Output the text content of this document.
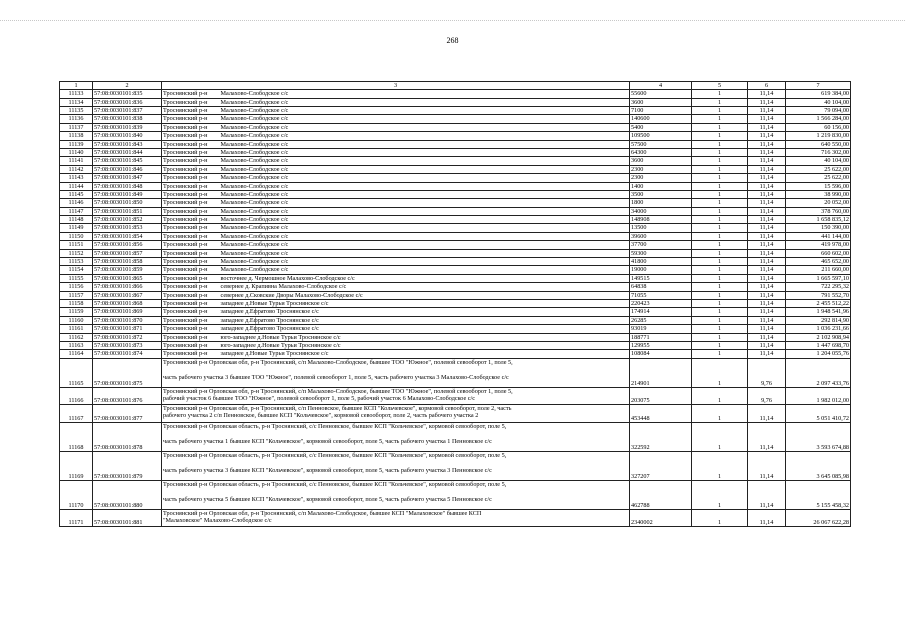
268
1	2	3	4	5	6	7
11133	57:08:0030101:835	Троснянский р-н Малахово-Слободское с/с	55600	1	11,14	619 384,00
11134	57:08:0030101:836	Троснянский р-н Малахово-Слободское с/с	3600	1	11,14	40 104,00
11135	57:08:0030101:837	Троснянский р-н Малахово-Слободское с/с	7100	1	11,14	79 094,00
11136	57:08:0030101:838	Троснянский р-н Малахово-Слободское с/с	140600	1	11,14	1 566 284,00
11137	57:08:0030101:839	Троснянский р-н Малахово-Слободское с/с	5400	1	11,14	60 156,00
11138	57:08:0030101:840	Троснянский р-н Малахово-Слободское с/с	109500	1	11,14	1 219 830,00
11139	57:08:0030101:843	Троснянский р-н Малахово-Слободское с/с	57500	1	11,14	640 550,00
11140	57:08:0030101:844	Троснянский р-н Малахово-Слободское с/с	64300	1	11,14	716 302,00
11141	57:08:0030101:845	Троснянский р-н Малахово-Слободское с/с	3600	1	11,14	40 104,00
11142	57:08:0030101:846	Троснянский р-н Малахово-Слободское с/с	2300	1	11,14	25 622,00
11143	57:08:0030101:847	Троснянский р-н Малахово-Слободское с/с	2300	1	11,14	25 622,00
11144	57:08:0030101:848	Троснянский р-н Малахово-Слободское с/с	1400	1	11,14	15 596,00
11145	57:08:0030101:849	Троснянский р-н Малахово-Слободское с/с	3500	1	11,14	38 990,00
11146	57:08:0030101:850	Троснянский р-н Малахово-Слободское с/с	1800	1	11,14	20 052,00
11147	57:08:0030101:851	Троснянский р-н Малахово-Слободское с/с	34000	1	11,14	378 760,00
11148	57:08:0030101:852	Троснянский р-н Малахово-Слободское с/с	148908	1	11,14	1 658 835,12
11149	57:08:0030101:853	Троснянский р-н Малахово-Слободское с/с	13500	1	11,14	150 390,00
11150	57:08:0030101:854	Троснянский р-н Малахово-Слободское с/с	39600	1	11,14	441 144,00
11151	57:08:0030101:856	Троснянский р-н Малахово-Слободское с/с	37700	1	11,14	419 978,00
11152	57:08:0030101:857	Троснянский р-н Малахово-Слободское с/с	59300	1	11,14	660 602,00
11153	57:08:0030101:858	Троснянский р-н Малахово-Слободское с/с	41800	1	11,14	465 652,00
11154	57:08:0030101:859	Троснянский р-н Малахово-Слободское с/с	19000	1	11,14	211 660,00
11155	57:08:0030101:865	Троснянский р-н восточнее д. Чермошное Малахово-Слободское с/с	149515	1	11,14	1 665 597,10
11156	57:08:0030101:866	Троснянский р-н севернее д. Крапивна Малахово-Слободское с/с	64838	1	11,14	722 295,32
11157	57:08:0030101:867	Троснянский р-н севернее д.Сковские Дворы Малахово-Слободское с/с	71055	1	11,14	791 552,70
11158	57:08:0030101:868	Троснянский р-н западнее д.Новые Турьи Троснянское с/с	220423	1	11,14	2 455 512,22
11159	57:08:0030101:869	Троснянский р-н западнее д.Ефратово Троснянское с/с	174914	1	11,14	1 948 541,96
11160	57:08:0030101:870	Троснянский р-н западнее д.Ефратово Троснянское с/с	26285	1	11,14	292 814,90
11161	57:08:0030101:871	Троснянский р-н западнее д.Ефратово Троснянское с/с	93019	1	11,14	1 036 231,66
11162	57:08:0030101:872	Троснянский р-н юго-западнее д.Новые Турьи Троснянское с/с	188771	1	11,14	2 102 908,94
11163	57:08:0030101:873	Троснянский р-н юго-западнее д.Новые Турьи Троснянское с/с	129955	1	11,14	1 447 698,70
11164	57:08:0030101:874	Троснянский р-н западнее д.Новые Турьи Троснянское с/с	108084	1	11,14	1 204 055,76
11165	57:08:0030101:875	Троснянский р-н Орловская обл, р-н Троснянский, с/п Малахово-Слободское, бывшее ТОО "Южное", полевой севооборот 1, поле 5,
часть рабочего участка 3 бывшее ТОО "Южное", полевой севооборот 1, поле 5, часть рабочего участка 3 Малахово-Слободское с/с	214901	1	9,76	2 097 433,76
11166	57:08:0030101:876	Троснянский р-н Орловская обл, р-н Троснянский, с/п Малахово-Слободское, бывшее ТОО "Южное", полевой севооборот 1, поле 5,
рабочий участок 6 бывшее ТОО "Южное", полевой севооборот 1, поле 5, рабочий участок 6 Малахово-Слободское с/с	203075	1	9,76	1 982 012,00
11167	57:08:0030101:877	Троснянский р-н Орловская обл, р-н Троснянский, с/п Пенновское, бывшее КСП "Кольчевское", кормовой севооборот, поле 2, часть
рабочего участка 2 с/п Пенновское, бывшее КСП "Кольчевское", кормовой севооборот, поле 2, часть рабочего участка 2	453448	1	11,14	5 051 410,72
11168	57:08:0030101:878	Троснянский р-н Орловская область, р-н Троснянский, с/с Пенновское, бывшее КСП "Кольчевское", кормовой севооборот, поле 5,
часть рабочего участка 1 бывшее КСП "Кольчевское", кормовой севооборот, поле 5, часть рабочего участка 1 Пенновское с/с	322592	1	11,14	3 593 674,88
11169	57:08:0030101:879	Троснянский р-н Орловская область, р-н Троснянский, с/с Пенновское, бывшее КСП "Кольчевское", кормовой севооборот, поле 5,
часть рабочего участка 3 бывшее КСП "Кольчевское", кормовой севооборот, поле 5, часть рабочего участка 3 Пенновское с/с	327207	1	11,14	3 645 085,98
11170	57:08:0030101:880	Троснянский р-н Орловская область, р-н Троснянский, с/с Пенновское, бывшее КСП "Кольчевское", кормовой севооборот, поле 5,
часть рабочего участка 5 бывшее КСП "Кольчевское", кормовой севооборот, поле 5, часть рабочего участка 5 Пенновское с/с	462788	1	11,14	5 155 458,32
11171	57:08:0030101:881	Троснянский р-н Орловская обл, р-н Троснянский, с/п Малахово-Слободское, бывшее КСП "Малаховское" бывшее КСП
"Малаховское" Малахово-Слободское с/с	2340002	1	11,14	26 067 622,28
